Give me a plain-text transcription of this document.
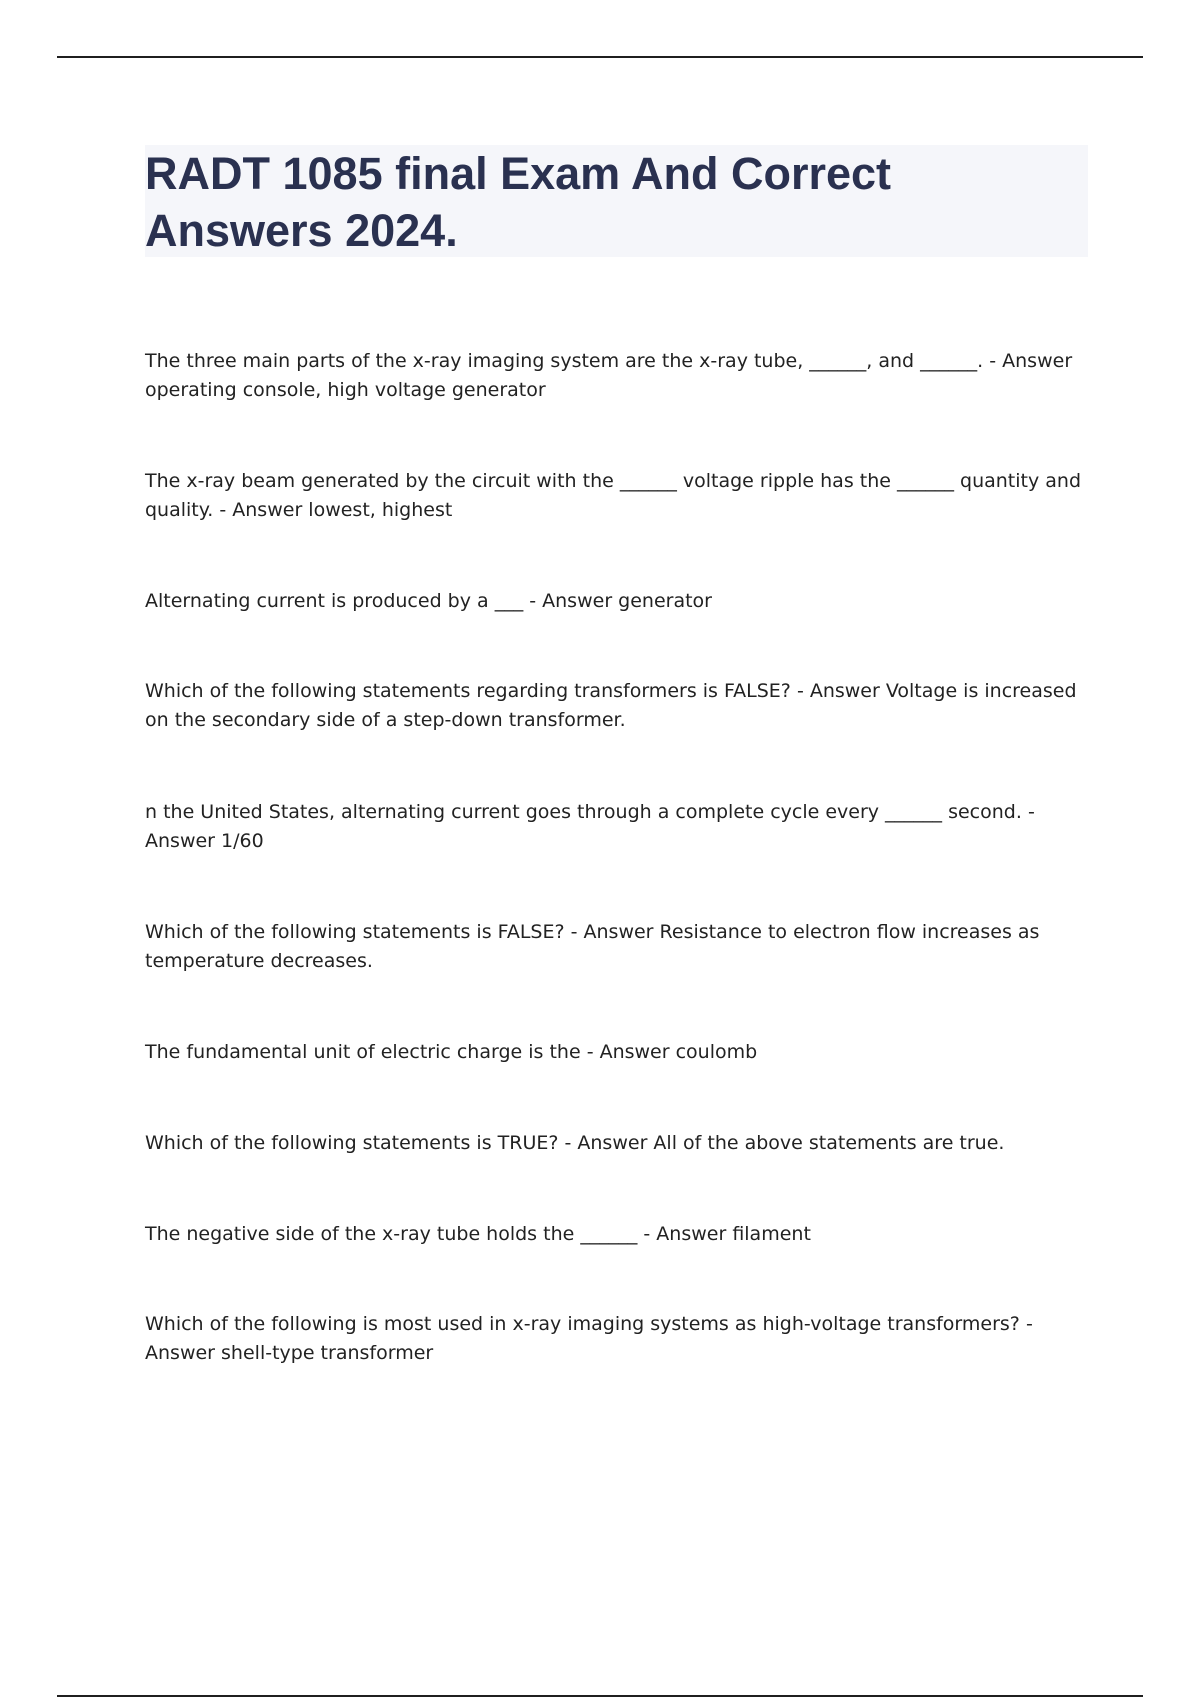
RADT 1085 final Exam And Correct Answers 2024.

The three main parts of the x-ray imaging system are the x-ray tube, ______, and ______. - Answer operating console, high voltage generator

The x-ray beam generated by the circuit with the ______ voltage ripple has the ______ quantity and quality. - Answer lowest, highest

Alternating current is produced by a ___ - Answer generator

Which of the following statements regarding transformers is FALSE? - Answer Voltage is increased on the secondary side of a step-down transformer.

n the United States, alternating current goes through a complete cycle every ______ second. - Answer 1/60

Which of the following statements is FALSE? - Answer Resistance to electron flow increases as temperature decreases.

The fundamental unit of electric charge is the - Answer coulomb

Which of the following statements is TRUE? - Answer All of the above statements are true.

The negative side of the x-ray tube holds the ______ - Answer filament

Which of the following is most used in x-ray imaging systems as high-voltage transformers? - Answer shell-type transformer
